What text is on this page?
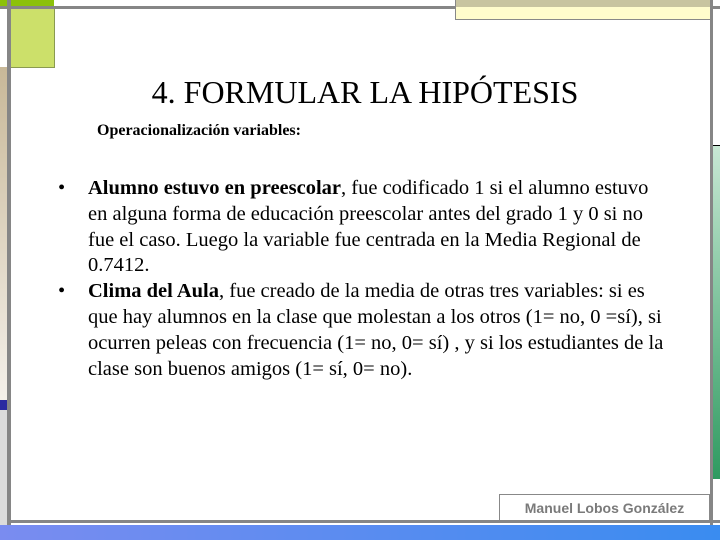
4. FORMULAR LA HIPÓTESIS
Operacionalización variables:
• Alumno estuvo en preescolar, fue codificado 1 si el alumno estuvo en alguna forma de educación preescolar antes del grado 1 y 0 si no fue el caso. Luego la variable fue centrada en la Media Regional de 0.7412.
• Clima del Aula, fue creado de la media de otras tres variables: si es que hay alumnos en la clase que molestan a los otros (1= no, 0 =sí), si ocurren peleas con frecuencia (1= no, 0= sí) , y si los estudiantes de la clase son buenos amigos (1= sí, 0= no).
Manuel Lobos González
